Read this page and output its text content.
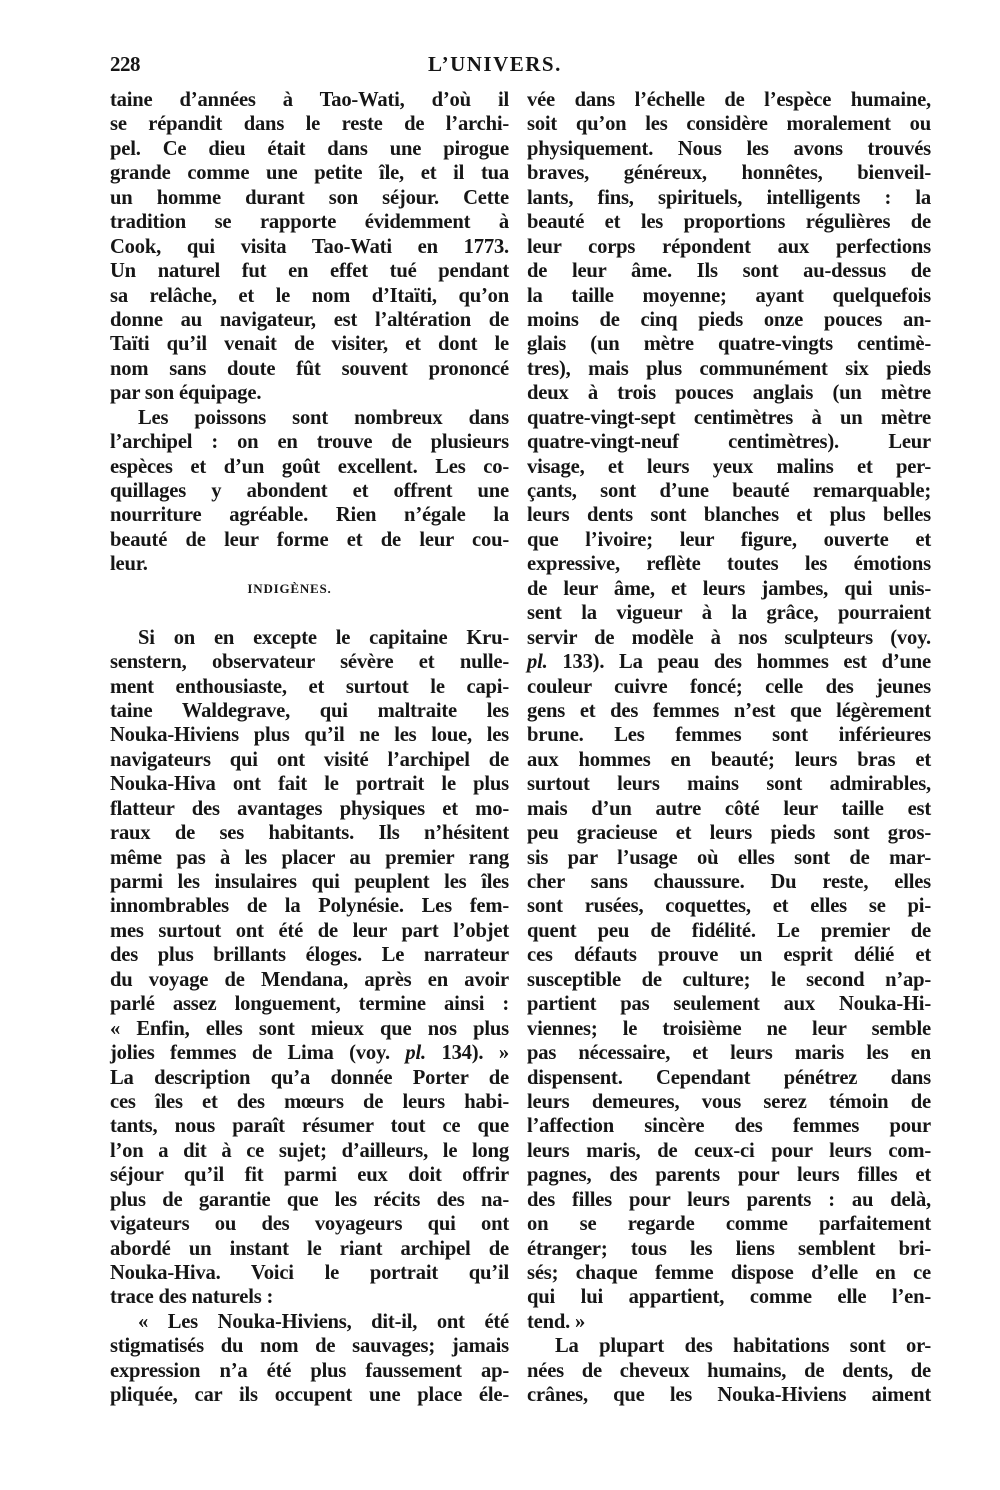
228	L’UNIVERS.
taine d’années à Tao-Wati, d’où il
se répandit dans le reste de l’archi-
pel. Ce dieu était dans une pirogue
grande comme une petite île, et il tua
un homme durant son séjour. Cette
tradition se rapporte évidemment à
Cook, qui visita Tao-Wati en 1773.
Un naturel fut en effet tué pendant
sa relâche, et le nom d’Itaïti, qu’on
donne au navigateur, est l’altération de
Taïti qu’il venait de visiter, et dont le
nom sans doute fût souvent prononcé
par son équipage.
Les poissons sont nombreux dans
l’archipel : on en trouve de plusieurs
espèces et d’un goût excellent. Les co-
quillages y abondent et offrent une
nourriture agréable. Rien n’égale la
beauté de leur forme et de leur cou-
leur.
INDIGÈNES.
Si on en excepte le capitaine Kru-
senstern, observateur sévère et nulle-
ment enthousiaste, et surtout le capi-
taine Waldegrave, qui maltraite les
Nouka-Hiviens plus qu’il ne les loue, les
navigateurs qui ont visité l’archipel de
Nouka-Hiva ont fait le portrait le plus
flatteur des avantages physiques et mo-
raux de ses habitants. Ils n’hésitent
même pas à les placer au premier rang
parmi les insulaires qui peuplent les îles
innombrables de la Polynésie. Les fem-
mes surtout ont été de leur part l’objet
des plus brillants éloges. Le narrateur
du voyage de Mendana, après en avoir
parlé assez longuement, termine ainsi :
« Enfin, elles sont mieux que nos plus
jolies femmes de Lima (voy. pl. 134). »
La description qu’a donnée Porter de
ces îles et des mœurs de leurs habi-
tants, nous paraît résumer tout ce que
l’on a dit à ce sujet; d’ailleurs, le long
séjour qu’il fit parmi eux doit offrir
plus de garantie que les récits des na-
vigateurs ou des voyageurs qui ont
abordé un instant le riant archipel de
Nouka-Hiva. Voici le portrait qu’il
trace des naturels :
« Les Nouka-Hiviens, dit-il, ont été
stigmatisés du nom de sauvages; jamais
expression n’a été plus faussement ap-
pliquée, car ils occupent une place éle-
vée dans l’échelle de l’espèce humaine,
soit qu’on les considère moralement ou
physiquement. Nous les avons trouvés
braves, généreux, honnêtes, bienveil-
lants, fins, spirituels, intelligents : la
beauté et les proportions régulières de
leur corps répondent aux perfections
de leur âme. Ils sont au-dessus de
la taille moyenne; ayant quelquefois
moins de cinq pieds onze pouces an-
glais (un mètre quatre-vingts centimè-
tres), mais plus communément six pieds
deux à trois pouces anglais (un mètre
quatre-vingt-sept centimètres à un mètre
quatre-vingt-neuf centimètres). Leur
visage, et leurs yeux malins et per-
çants, sont d’une beauté remarquable;
leurs dents sont blanches et plus belles
que l’ivoire; leur figure, ouverte et
expressive, reflète toutes les émotions
de leur âme, et leurs jambes, qui unis-
sent la vigueur à la grâce, pourraient
servir de modèle à nos sculpteurs (voy.
pl. 133). La peau des hommes est d’une
couleur cuivre foncé; celle des jeunes
gens et des femmes n’est que légèrement
brune. Les femmes sont inférieures
aux hommes en beauté; leurs bras et
surtout leurs mains sont admirables,
mais d’un autre côté leur taille est
peu gracieuse et leurs pieds sont gros-
sis par l’usage où elles sont de mar-
cher sans chaussure. Du reste, elles
sont rusées, coquettes, et elles se pi-
quent peu de fidélité. Le premier de
ces défauts prouve un esprit délié et
susceptible de culture; le second n’ap-
partient pas seulement aux Nouka-Hi-
viennes; le troisième ne leur semble
pas nécessaire, et leurs maris les en
dispensent. Cependant pénétrez dans
leurs demeures, vous serez témoin de
l’affection sincère des femmes pour
leurs maris, de ceux-ci pour leurs com-
pagnes, des parents pour leurs filles et
des filles pour leurs parents : au delà,
on se regarde comme parfaitement
étranger; tous les liens semblent bri-
sés; chaque femme dispose d’elle en ce
qui lui appartient, comme elle l’en-
tend. »
La plupart des habitations sont or-
nées de cheveux humains, de dents, de
crânes, que les Nouka-Hiviens aiment
